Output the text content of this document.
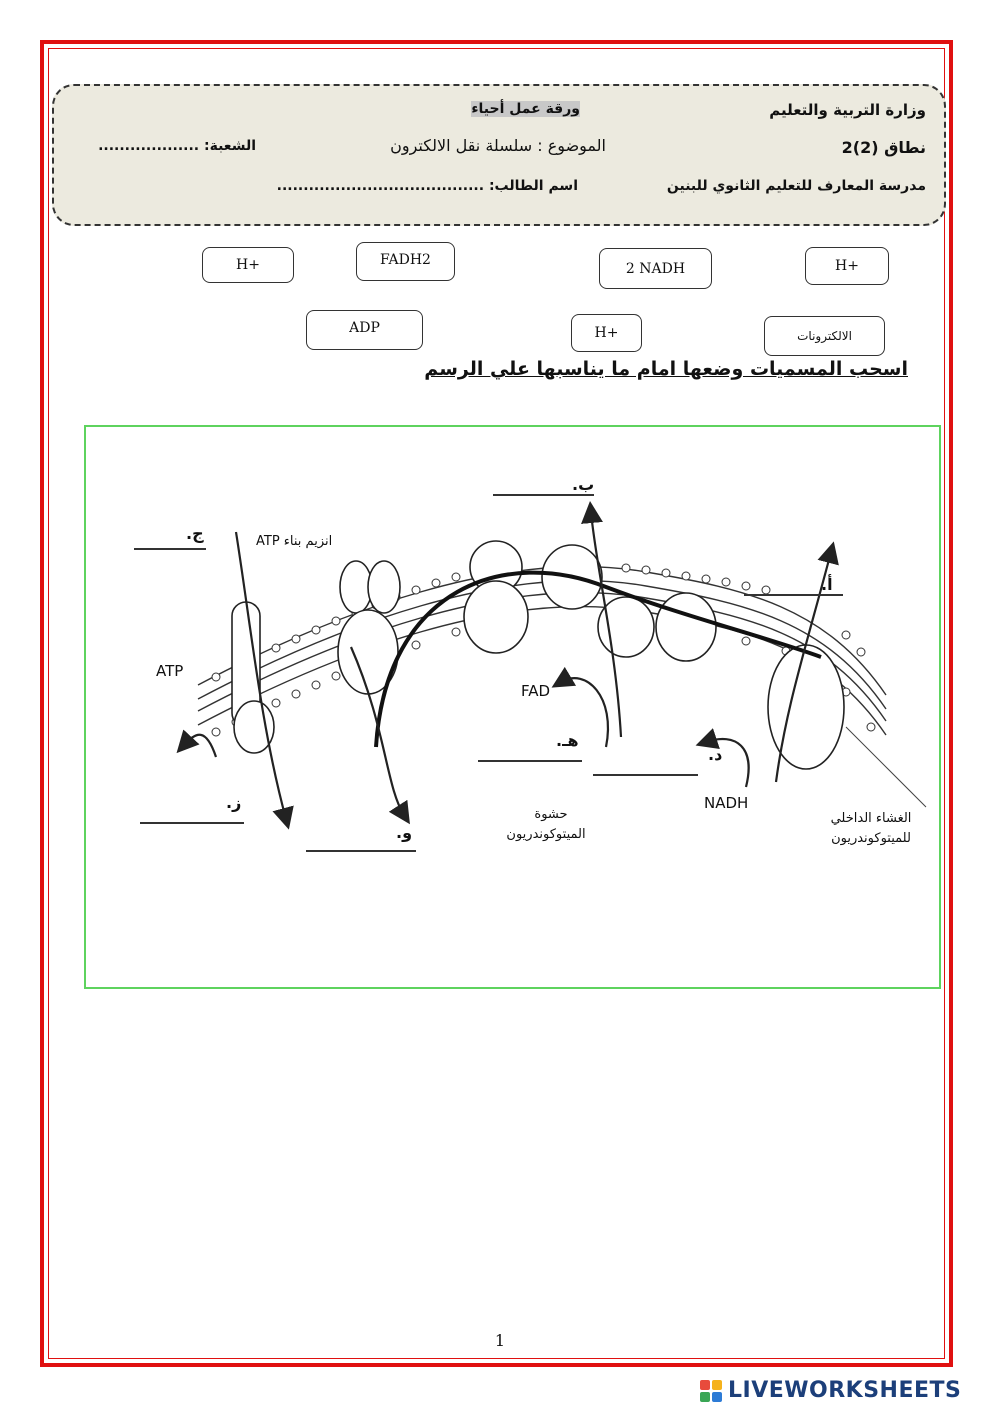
وزارة التربية والتعليم
ورقة عمل أحياء
نطاق (2)2
الموضوع : سلسلة نقل الالكترون
الشعبة: ...................
مدرسة المعارف للتعليم الثانوي للبنين
اسم الطالب: .......................................
H+	FADH2
2 NADH	H+
ADP	H+	الالكترونات
اسحب المسميات وضعها امام ما يناسبها علي الرسم
انزيم بناء ATP
ATP
FAD
NADH
حشوة
الميتوكوندريون
الغشاء الداخلي
للميتوكوندريون
أ.
ب.
ج.
د.
هـ.
و.
ز.
1
LIVEWORKSHEETS
